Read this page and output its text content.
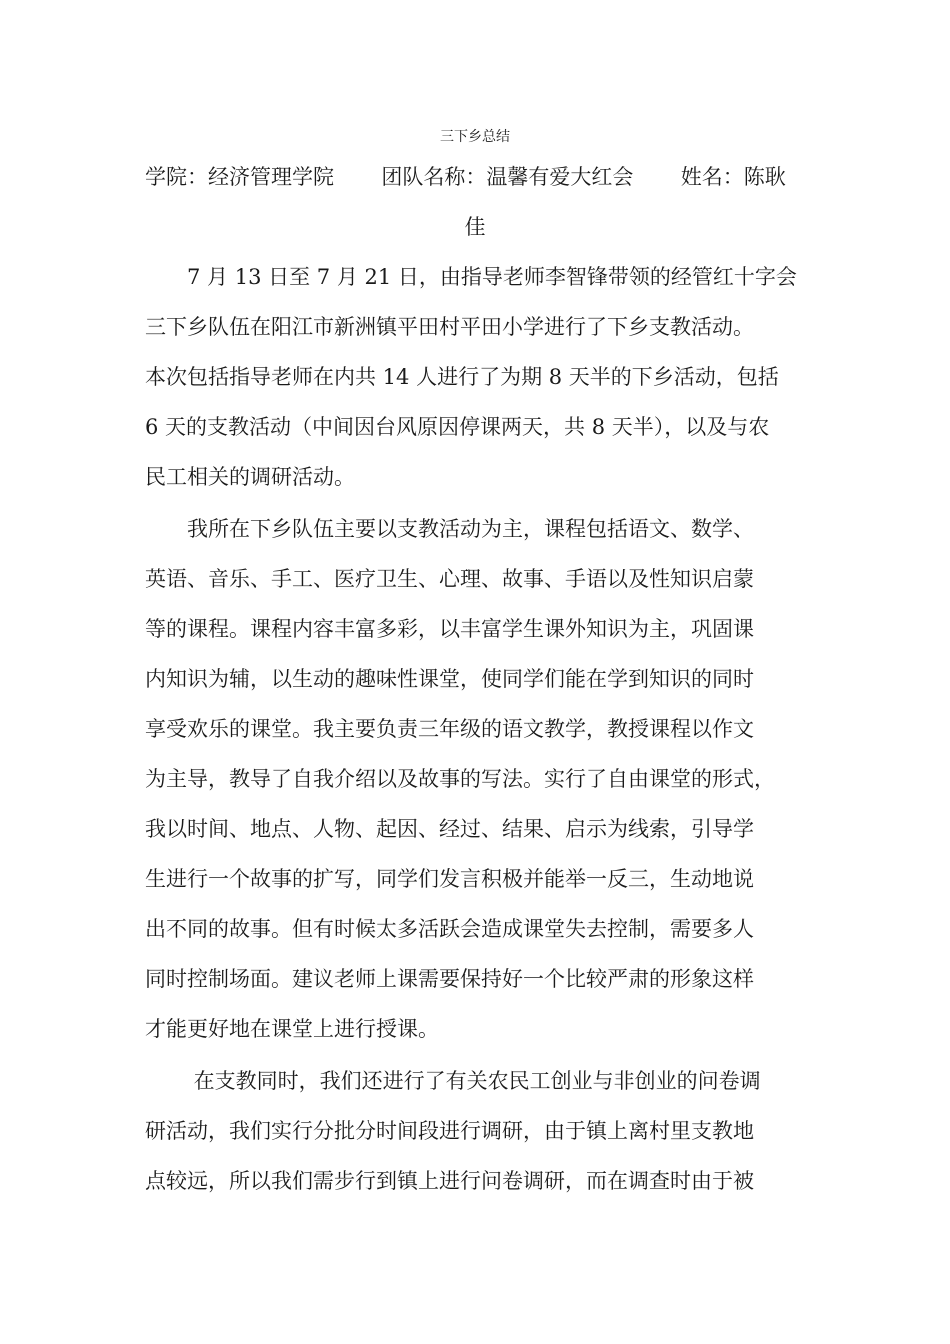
三下乡总结
学院：经济管理学院 团队名称：温馨有爱大红会 姓名：陈耿
佳
　　7 月 13 日至 7 月 21 日，由指导老师李智锋带领的经管红十字会
三下乡队伍在阳江市新洲镇平田村平田小学进行了下乡支教活动。
本次包括指导老师在内共 14 人进行了为期 8 天半的下乡活动，包括
6 天的支教活动（中间因台风原因停课两天，共 8 天半），以及与农
民工相关的调研活动。
　　我所在下乡队伍主要以支教活动为主，课程包括语文、数学、
英语、音乐、手工、医疗卫生、心理、故事、手语以及性知识启蒙
等的课程。课程内容丰富多彩，以丰富学生课外知识为主，巩固课
内知识为辅，以生动的趣味性课堂，使同学们能在学到知识的同时
享受欢乐的课堂。我主要负责三年级的语文教学，教授课程以作文
为主导，教导了自我介绍以及故事的写法。实行了自由课堂的形式，
我以时间、地点、人物、起因、经过、结果、启示为线索，引导学
生进行一个故事的扩写，同学们发言积极并能举一反三，生动地说
出不同的故事。但有时候太多活跃会造成课堂失去控制，需要多人
同时控制场面。建议老师上课需要保持好一个比较严肃的形象这样
才能更好地在课堂上进行授课。
　　 在支教同时，我们还进行了有关农民工创业与非创业的问卷调
研活动，我们实行分批分时间段进行调研，由于镇上离村里支教地
点较远，所以我们需步行到镇上进行问卷调研，而在调查时由于被
